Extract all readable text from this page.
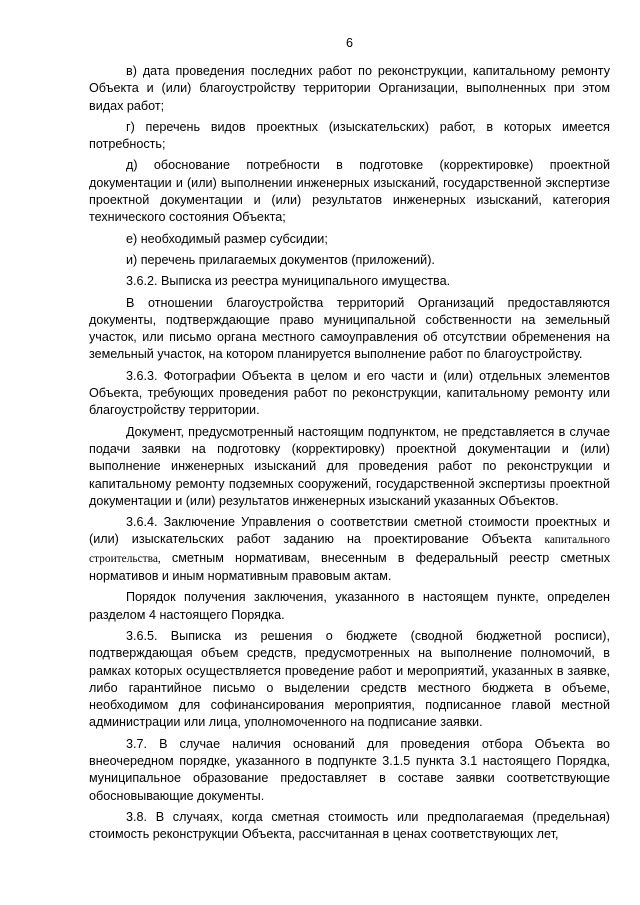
6

в) дата проведения последних работ по реконструкции, капитальному ремонту Объекта и (или) благоустройству территории Организации, выполненных при этом видах работ;

г) перечень видов проектных (изыскательских) работ, в которых имеется потребность;

д) обоснование потребности в подготовке (корректировке) проектной документации и (или) выполнении инженерных изысканий, государственной экспертизе проектной документации и (или) результатов инженерных изысканий, категория технического состояния Объекта;

е) необходимый размер субсидии;

и) перечень прилагаемых документов (приложений).

3.6.2. Выписка из реестра муниципального имущества.

В отношении благоустройства территорий Организаций предоставляются документы, подтверждающие право муниципальной собственности на земельный участок, или письмо органа местного самоуправления об отсутствии обременения на земельный участок, на котором планируется выполнение работ по благоустройству.

3.6.3. Фотографии Объекта в целом и его части и (или) отдельных элементов Объекта, требующих проведения работ по реконструкции, капитальному ремонту или благоустройству территории.

Документ, предусмотренный настоящим подпунктом, не представляется в случае подачи заявки на подготовку (корректировку) проектной документации и (или) выполнение инженерных изысканий для проведения работ по реконструкции и капитальному ремонту подземных сооружений, государственной экспертизы проектной документации и (или) результатов инженерных изысканий указанных Объектов.

3.6.4. Заключение Управления о соответствии сметной стоимости проектных и (или) изыскательских работ заданию на проектирование Объекта капитального строительства, сметным нормативам, внесенным в федеральный реестр сметных нормативов и иным нормативным правовым актам.

Порядок получения заключения, указанного в настоящем пункте, определен разделом 4 настоящего Порядка.

3.6.5. Выписка из решения о бюджете (сводной бюджетной росписи), подтверждающая объем средств, предусмотренных на выполнение полномочий, в рамках которых осуществляется проведение работ и мероприятий, указанных в заявке, либо гарантийное письмо о выделении средств местного бюджета в объеме, необходимом для софинансирования мероприятия, подписанное главой местной администрации или лица, уполномоченного на подписание заявки.

3.7. В случае наличия оснований для проведения отбора Объекта во внеочередном порядке, указанного в подпункте 3.1.5 пункта 3.1 настоящего Порядка, муниципальное образование предоставляет в составе заявки соответствующие обосновывающие документы.

3.8. В случаях, когда сметная стоимость или предполагаемая (предельная) стоимость реконструкции Объекта, рассчитанная в ценах соответствующих лет,
